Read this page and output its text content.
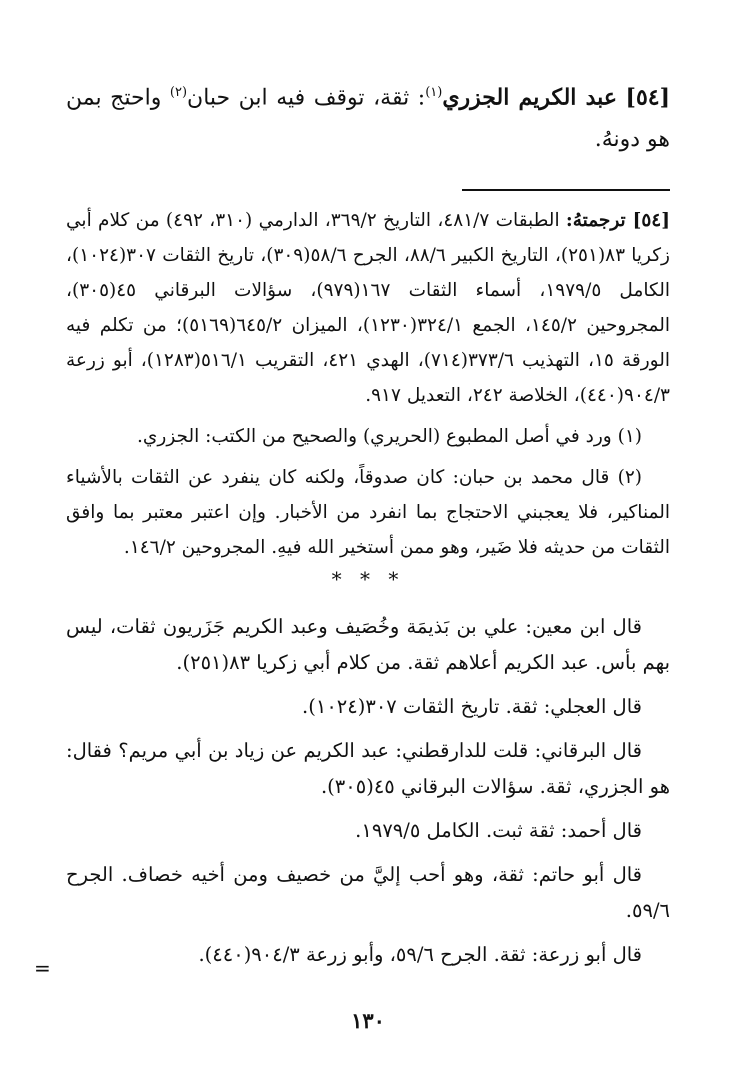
[٥٤] عبد الكريم الجزري$^{(١)}$: ثقة، توقف فيه ابن حبان$^{(٢)}$ واحتج بمن هو دونهُ.

[٥٤] ترجمتهُ: الطبقات ٤٨١/٧، التاريخ ٣٦٩/٢، الدارمي (٣١٠، ٤٩٢) من كلام أبي زكريا ٨٣(٢٥١)، التاريخ الكبير ٨٨/٦، الجرح ٥٨/٦(٣٠٩)، تاريخ الثقات ٣٠٧(١٠٢٤)، الكامل ١٩٧٩/٥، أسماء الثقات ١٦٧(٩٧٩)، سؤالات البرقاني ٤٥(٣٠٥)، المجروحين ١٤٥/٢، الجمع ٣٢٤/١(١٢٣٠)، الميزان ٦٤٥/٢(٥١٦٩)؛ من تكلم فيه الورقة ١٥، التهذيب ٣٧٣/٦(٧١٤)، الهدي ٤٢١، التقريب ٥١٦/١(١٢٨٣)، أبو زرعة ٩٠٤/٣(٤٤٠)، الخلاصة ٢٤٢، التعديل ٩١٧.

(١) ورد في أصل المطبوع (الحريري) والصحيح من الكتب: الجزري.

(٢) قال محمد بن حبان: كان صدوقاً، ولكنه كان ينفرد عن الثقات بالأشياء المناكير، فلا يعجبني الاحتجاج بما انفرد من الأخبار. وإن اعتبر معتبر بما وافق الثقات من حديثه فلا ضَير، وهو ممن أستخير الله فيهِ. المجروحين ١٤٦/٢.

* * *

قال ابن معين: علي بن بَذيمَة وخُصَيف وعبد الكريم جَزَريون ثقات، ليس بهم بأس. عبد الكريم أعلاهم ثقة. من كلام أبي زكريا ٨٣(٢٥١).

قال العجلي: ثقة. تاريخ الثقات ٣٠٧(١٠٢٤).

قال البرقاني: قلت للدارقطني: عبد الكريم عن زياد بن أبي مريم؟ فقال: هو الجزري، ثقة. سؤالات البرقاني ٤٥(٣٠٥).

قال أحمد: ثقة ثبت. الكامل ١٩٧٩/٥.

قال أبو حاتم: ثقة، وهو أحب إليَّ من خصيف ومن أخيه خصاف. الجرح ٥٩/٦.

قال أبو زرعة: ثقة. الجرح ٥٩/٦، وأبو زرعة ٩٠٤/٣(٤٤٠).

=
١٣٠
